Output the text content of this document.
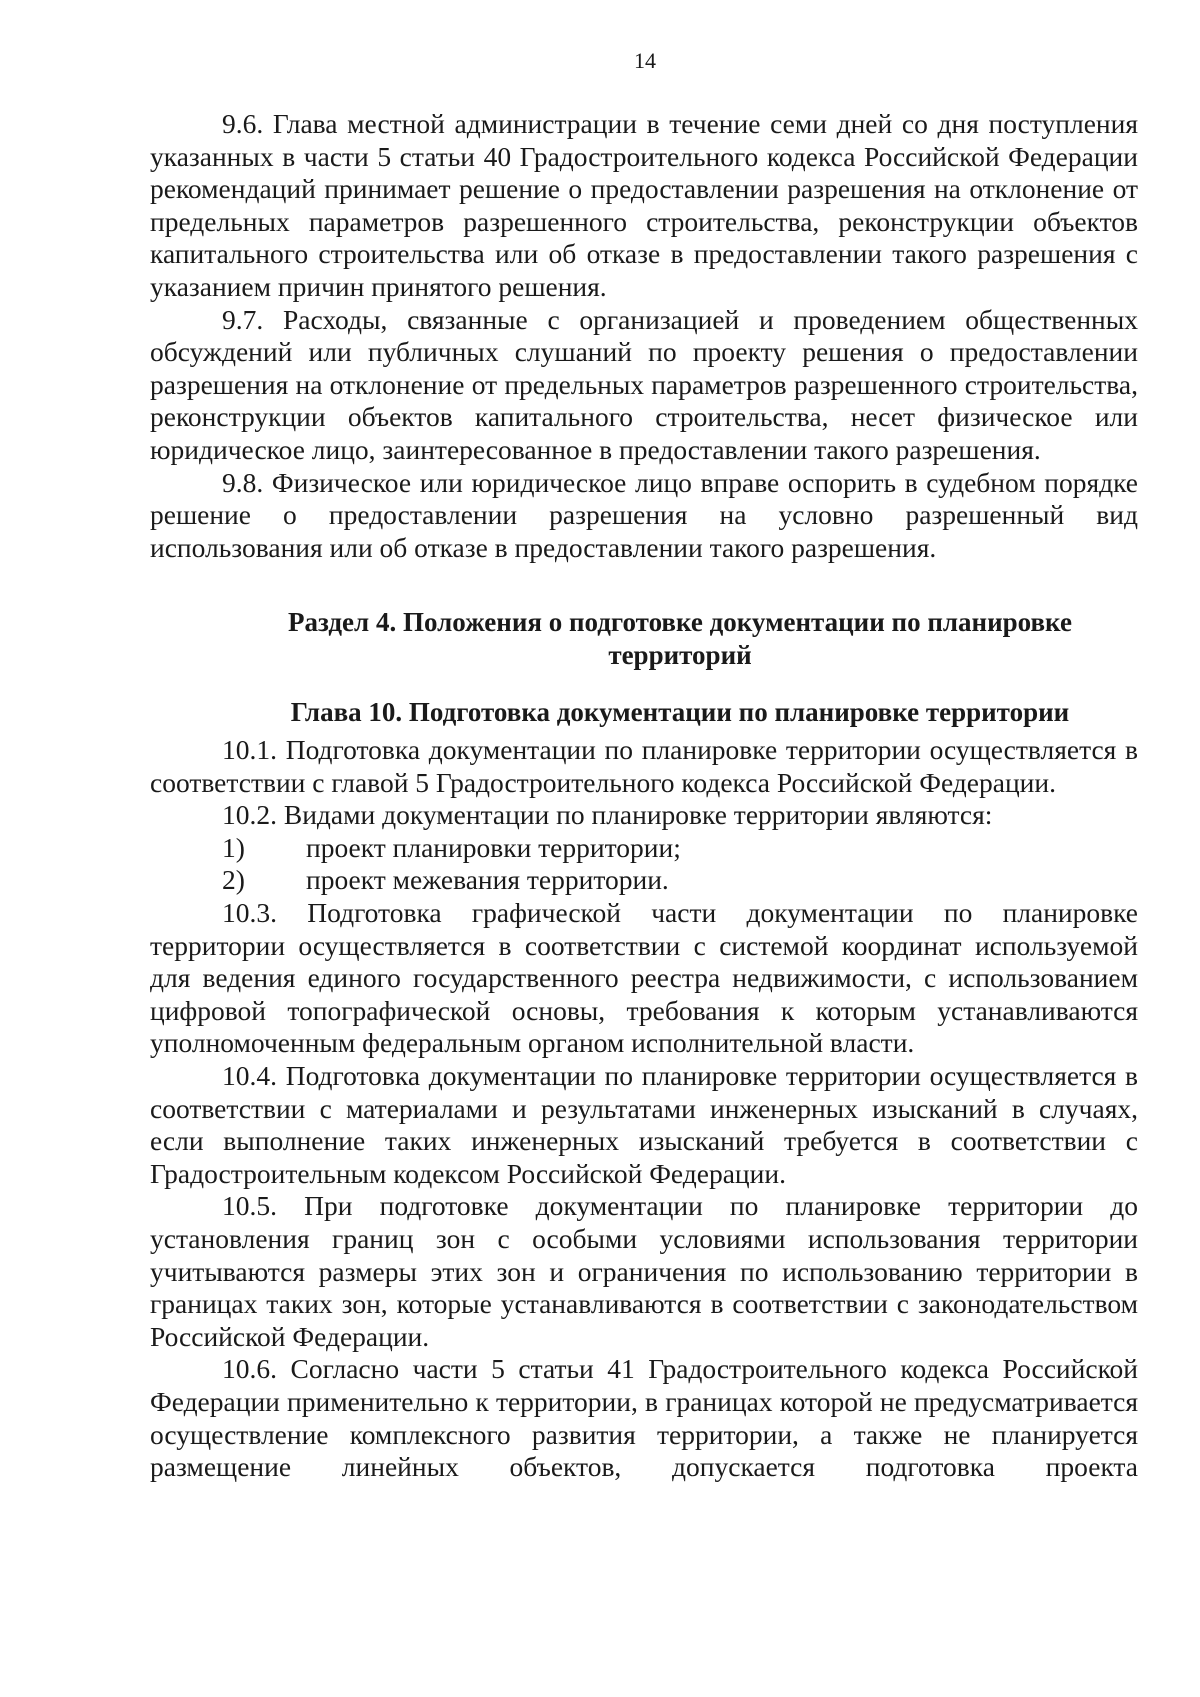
14

9.6. Глава местной администрации в течение семи дней со дня поступления указанных в части 5 статьи 40 Градостроительного кодекса Российской Федерации рекомендаций принимает решение о предоставлении разрешения на отклонение от предельных параметров разрешенного строительства, реконструкции объектов капитального строительства или об отказе в предоставлении такого разрешения с указанием причин принятого решения.

9.7. Расходы, связанные с организацией и проведением общественных обсуждений или публичных слушаний по проекту решения о предоставлении разрешения на отклонение от предельных параметров разрешенного строительства, реконструкции объектов капитального строительства, несет физическое или юридическое лицо, заинтересованное в предоставлении такого разрешения.

9.8. Физическое или юридическое лицо вправе оспорить в судебном порядке решение о предоставлении разрешения на условно разрешенный вид использования или об отказе в предоставлении такого разрешения.

Раздел 4. Положения о подготовке документации по планировке территорий

Глава 10. Подготовка документации по планировке территории

10.1. Подготовка документации по планировке территории осуществляется в соответствии с главой 5 Градостроительного кодекса Российской Федерации.

10.2. Видами документации по планировке территории являются:

1) проект планировки территории;

2) проект межевания территории.

10.3. Подготовка графической части документации по планировке территории осуществляется в соответствии с системой координат используемой для ведения единого государственного реестра недвижимости, с использованием цифровой топографической основы, требования к которым устанавливаются уполномоченным федеральным органом исполнительной власти.

10.4. Подготовка документации по планировке территории осуществляется в соответствии с материалами и результатами инженерных изысканий в случаях, если выполнение таких инженерных изысканий требуется в соответствии с Градостроительным кодексом Российской Федерации.

10.5. При подготовке документации по планировке территории до установления границ зон с особыми условиями использования территории учитываются размеры этих зон и ограничения по использованию территории в границах таких зон, которые устанавливаются в соответствии с законодательством Российской Федерации.

10.6. Согласно части 5 статьи 41 Градостроительного кодекса Российской Федерации применительно к территории, в границах которой не предусматривается осуществление комплексного развития территории, а также не планируется размещение линейных объектов, допускается подготовка проекта
